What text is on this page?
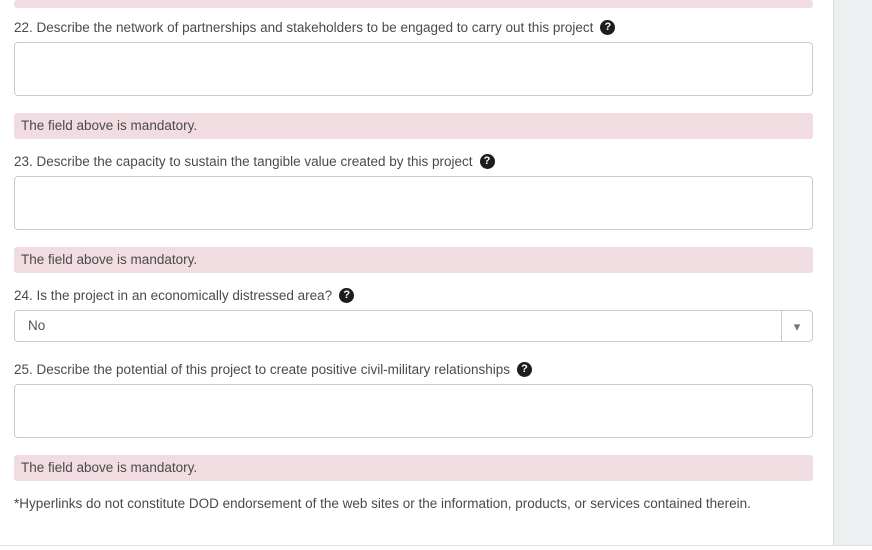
22. Describe the network of partnerships and stakeholders to be engaged to carry out this project	?
The field above is mandatory.
23. Describe the capacity to sustain the tangible value created by this project	?
The field above is mandatory.
24. Is the project in an economically distressed area?	?
No	▾
25. Describe the potential of this project to create positive civil-military relationships	?
The field above is mandatory.
*Hyperlinks do not constitute DOD endorsement of the web sites or the information, products, or services contained therein.
